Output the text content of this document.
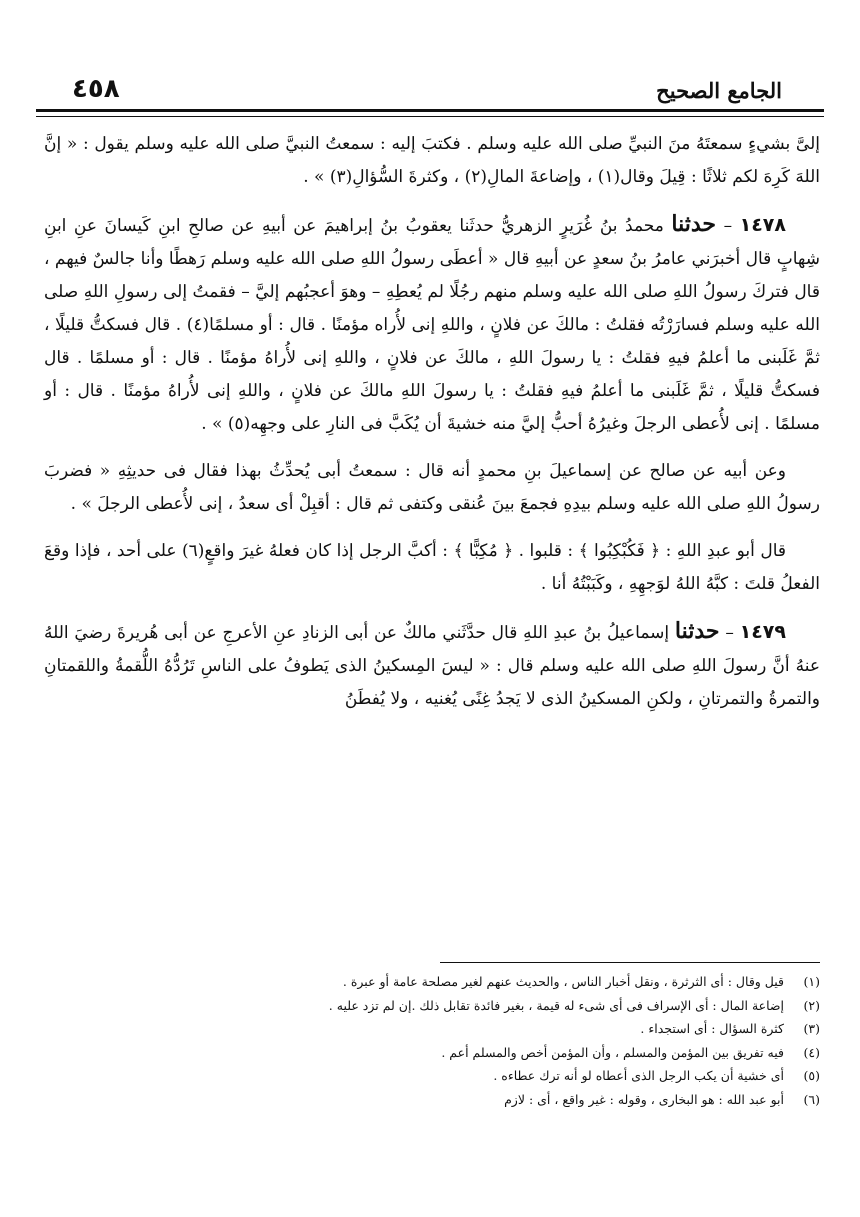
٤٥٨	الجامع الصحيح

إلىَّ بشيءٍ سمعتَهُ منَ النبيِّ صلى الله عليه وسلم . فكتبَ إليه : سمعتُ النبيَّ صلى الله عليه وسلم يقول : « إنَّ اللهَ كَرِهَ لكم ثلاثًا : قِيلَ وقال(١) ، وإضاعةَ المالِ(٢) ، وكثرةَ السُّؤالِ(٣) » .

١٤٧٨ – حدثنا محمدُ بنُ غُرَيرٍ الزهريُّ حدثَنا يعقوبُ بنُ إبراهيمَ عن أبيهِ عن صالحِ ابنِ كَيسانَ عنِ ابنِ شِهابٍ قال أخبرَني عامرُ بنُ سعدٍ عن أبيهِ قال « أعطَى رسولُ اللهِ صلى الله عليه وسلم رَهطًا وأنا جالسٌ فيهم ، قال فتركَ رسولُ اللهِ صلى الله عليه وسلم منهم رجُلًا لم يُعطِهِ – وهوَ أعجبُهم إليَّ – فقمتُ إلى رسولِ اللهِ صلى الله عليه وسلم فسارَرْتُه فقلتُ : مالكَ عن فلانٍ ، واللهِ إنى لأُراه مؤمنًا . قال : أو مسلمًا(٤) . قال فسكتُّ قليلًا ، ثمَّ غَلَبنى ما أعلمُ فيهِ فقلتُ : يا رسولَ اللهِ ، مالكَ عن فلانٍ ، واللهِ إنى لأُراهُ مؤمنًا . قال : أو مسلمًا . قال فسكتُّ قليلًا ، ثمَّ غَلَبنى ما أعلمُ فيهِ فقلتُ : يا رسولَ اللهِ مالكَ عن فلانٍ ، واللهِ إنى لأُراهُ مؤمنًا . قال : أو مسلمًا . إنى لأُعطى الرجلَ وغيرُهُ أحبُّ إليَّ منه خشيةَ أن يُكَبَّ فى النارِ على وجهِه(٥) » .

وعن أبيه عن صالح عن إسماعيلَ بنِ محمدٍ أنه قال : سمعتُ أبى يُحدِّثُ بهذا فقال فى حديثِهِ « فضربَ رسولُ اللهِ صلى الله عليه وسلم بيدِهِ فجمعَ بينَ عُنقى وكتفى ثم قال : أقبِلْ أى سعدُ ، إنى لأُعطى الرجلَ » .

قال أبو عبدِ اللهِ : ﴿ فَكُبْكِبُوا ﴾ : قلبوا . ﴿ مُكِبًّا ﴾ : أكبَّ الرجل إذا كان فعلهُ غيرَ واقعٍ(٦) على أحد ، فإذا وقعَ الفعلُ قلتَ : كبَّهُ اللهُ لوَجهِهِ ، وكَبَبْتُهُ أنا .

١٤٧٩ – حدثنا إسماعيلُ بنُ عبدِ اللهِ قال حدَّثَني مالكٌ عن أبى الزنادِ عنِ الأعرجِ عن أبى هُريرةَ رضيَ اللهُ عنهُ أنَّ رسولَ اللهِ صلى الله عليه وسلم قال : « ليسَ المِسكينُ الذى يَطوفُ على الناسِ تَرُدُّهُ اللُّقمةُ واللقمتانِ والتمرةُ والتمرتانِ ، ولكنِ المسكينُ الذى لا يَجدُ غِنًى يُغنيه ، ولا يُفطَنُ

(١) قيل وقال : أى الثرثرة ، ونقل أخبار الناس ، والحديث عنهم لغير مصلحة عامة أو عبرة .

(٢) إضاعة المال : أى الإسراف فى أى شىء له قيمة ، بغير فائدة تقابل ذلك .إن لم تزد عليه .

(٣) كثرة السؤال : أى استجداء .

(٤) فيه تفريق بين المؤمن والمسلم ، وأن المؤمن أخص والمسلم أعم .

(٥) أى خشية أن يكب الرجل الذى أعطاه لو أنه ترك عطاءه .

(٦) أبو عبد الله : هو البخارى ، وقوله : غير واقع ، أى : لازم
